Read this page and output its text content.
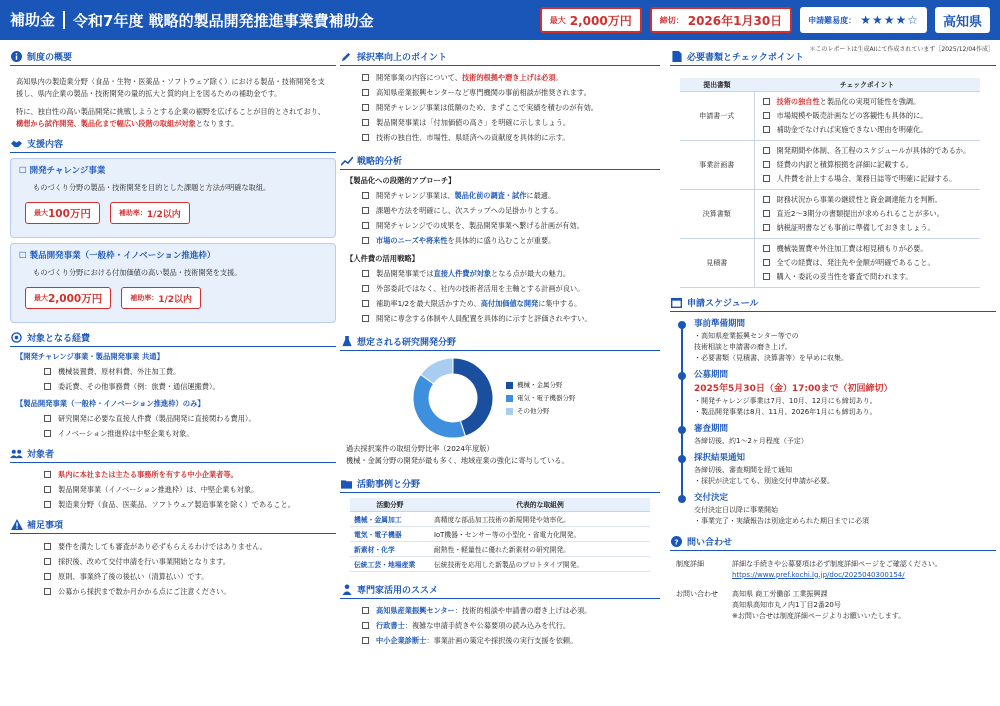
補助金	令和7年度 戦略的製品開発推進事業費補助金	最大 2,000万円	締切： 2026年1月30日	申請難易度： ★★★★☆	高知県
＊このレポートは生成AIにて作成されています［2025/12/04作成］
制度の概要

高知県内の製造業分野（食品・生物・医薬品・ソフトウェア除く）における製品・技術開発を支援し、県内企業の製品・技術開発の量的拡大と質的向上を図るための補助金です。

特に、独自性の高い製品開発に挑戦しようとする企業の裾野を広げることが目的とされており、構想から試作開発、製品化まで幅広い段階の取組が対象となります。

支援内容
☐ 開発チャレンジ事業
ものづくり分野の製品・技術開発を目的とした課題と方法が明確な取組。
最大 100万円	補助率： 1/2以内
☐ 製品開発事業（一般枠・イノベーション推進枠）
ものづくり分野における付加価値の高い製品・技術開発を支援。
最大 2,000万円	補助率： 1/2以内
対象となる経費
【開発チャレンジ事業・製品開発事業 共通】
機械装置費、原材料費、外注加工費。
委託費、その他事務費（例：旅費・通信運搬費）。
【製品開発事業（一般枠・イノベーション推進枠）のみ】
研究開発に必要な直接人件費（製品開発に直接関わる費用）。
イノベーション推進枠は中堅企業も対象。
対象者
県内に本社または主たる事務所を有する中小企業者等。
製品開発事業（イノベーション推進枠）は、中堅企業も対象。
製造業分野（食品、医薬品、ソフトウェア製造事業を除く）であること。
補足事項
要件を満たしても審査があり必ずもらえるわけではありません。
採択後、改めて交付申請を行い事業開始となります。
原則、事業終了後の後払い（清算払い）です。
公募から採択まで数か月かかる点にご注意ください。
採択率向上のポイント
開発事業の内容について、 技術的根拠や磨き上げは必須 。
高知県産業振興センターなど専門機関の事前相談が推奨されます。
開発チャレンジ事業は低額のため、まずここで実績を積むのが有効。
製品開発事業は「付加価値の高さ」を明確に示しましょう。
技術の独自性、市場性、県経済への貢献度を具体的に示す。
戦略的分析
【製品化への段階的アプローチ】
開発チャレンジ事業は、 製品化前の調査・試作 に最適。
課題や方法を明確にし、次ステップへの足掛かりとする。
開発チャレンジでの成果を、製品開発事業へ繋げる計画が有効。
市場のニーズや将来性 を具体的に盛り込むことが重要。
【人件費の活用戦略】
製品開発事業では 直接人件費が対象 となる点が最大の魅力。
外部委託ではなく、社内の技術者活用を主軸とする計画が良い。
補助率1/2を最大限活かすため、 高付加価値な開発 に集中する。
開発に専念する体制や人員配置を具体的に示すと評価されやすい。
想定される研究開発分野
機械・金属分野
電気・電子機器分野
その他分野

過去採択案件の取組分野比率（2024年度版）

機械・金属分野の開発が最も多く、地域産業の強化に寄与している。

活動事例と分野
活動分野	代表的な取組例
機械・金属加工	高精度な部品加工技術の新規開発や効率化。
電気・電子機器	IoT機器・センサー等の小型化・省電力化開発。
新素材・化学	耐熱性・軽量性に優れた新素材の研究開発。
伝統工芸・地場産業	伝統技術を応用した新製品のプロトタイプ開発。
専門家活用のススメ
高知県産業振興センター ：技術的相談や申請書の磨き上げは必須。
行政書士 ：複雑な申請手続きや公募要項の読み込みを代行。
中小企業診断士 ：事業計画の策定や採択後の実行支援を依頼。
必要書類とチェックポイント
提出書類	チェックポイント
申請書一式	技術の独自性 と製品化の実現可能性を強調。
市場規模や販売計画などの客観性も具体的に。
補助金でなければ実施できない理由を明確化。

事業計画書	開発期間や体制、各工程のスケジュールが具体的であるか。
経費の内訳と積算根拠を詳細に記載する。
人件費を計上する場合、業務日誌等で明確に記録する。

決算書類	財務状況から事業の継続性と資金調達能力を判断。
直近2〜3期分の書類提出が求められることが多い。
納税証明書なども事前に準備しておきましょう。

見積書	機械装置費や外注加工費は相見積もりが必要。
全ての経費は、発注先や金額が明確であること。
購入・委託の妥当性を審査で問われます。
申請スケジュール
事前準備期間
・高知県産業振興センター等での
技術相談と申請書の磨き上げ。
・必要書類（見積書、決算書等）を早めに収集。
公募期間
2025年5月30日（金）17:00まで（初回締切）
・開発チャレンジ事業は7月、10月、12月にも締切あり。
・製品開発事業は8月、11月、2026年1月にも締切あり。
審査期間
各締切後、約1〜2ヶ月程度（予定）
採択結果通知
各締切後、審査期間を経て通知
・採択が決定しても、別途交付申請が必要。
交付決定
交付決定日以降に事業開始
・事業完了・実績報告は別途定められた期日までに必須
? 問い合わせ
制度詳細	詳細な手続きや公募要項は必ず制度詳細ページをご確認ください。
https://www.pref.kochi.lg.jp/doc/2025040300154/

お問い合わせ	高知県 商工労働部 工業振興課
高知県高知市丸ノ内1丁目2番20号
※お問い合せは制度詳細ページよりお願いいたします。
